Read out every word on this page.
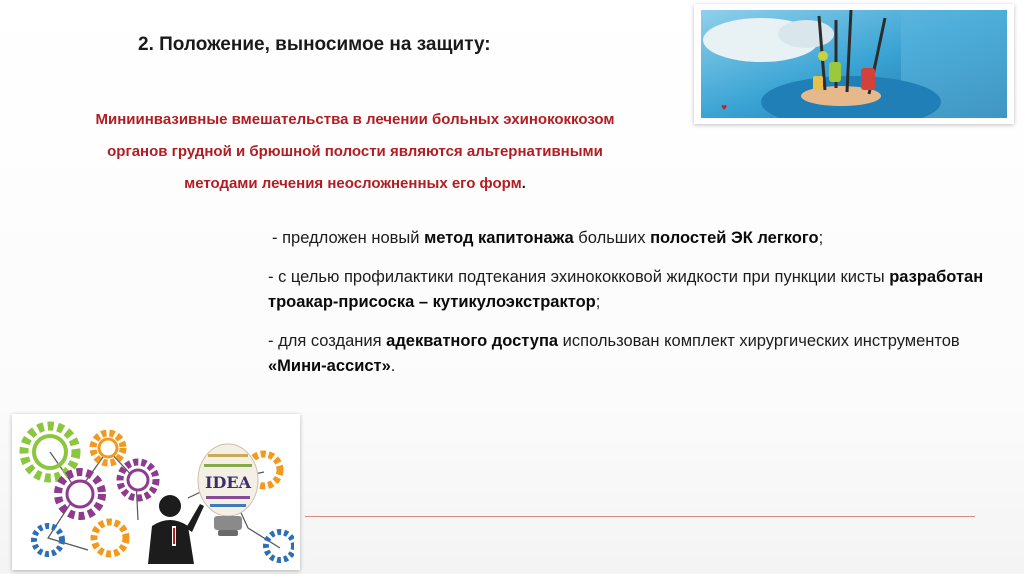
2. Положение, выносимое на защиту:
Миниинвазивные вмешательства в лечении больных эхинококкозом
органов грудной и брюшной полости являются альтернативными
методами лечения неосложненных его форм.
♥
- предложен новый метод капитонажа больших полостей ЭК легкого;
- с целью профилактики подтекания эхинококковой жидкости при пункции кисты разработан троакар-присоска – кутикулоэкстрактор;
- для создания адекватного доступа использован комплект хирургических инструментов «Мини-ассист».
IDEA
